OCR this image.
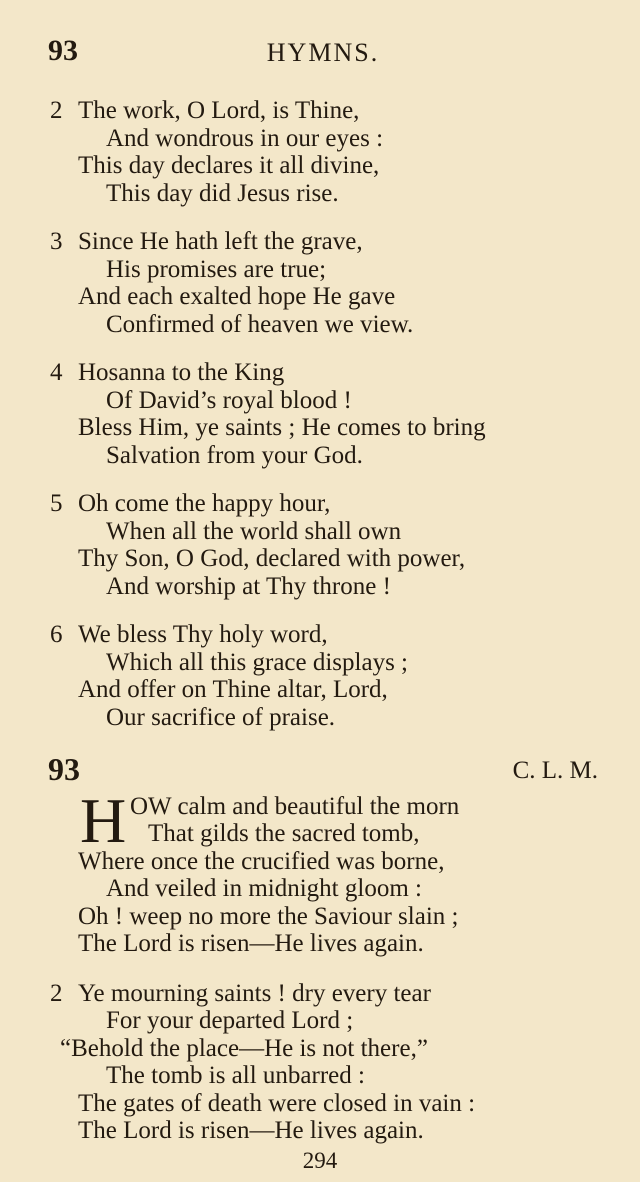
93	HYMNS.
2 The work, O Lord, is Thine,
And wondrous in our eyes :
This day declares it all divine,
This day did Jesus rise.
3 Since He hath left the grave,
His promises are true;
And each exalted hope He gave
Confirmed of heaven we view.
4 Hosanna to the King
Of David’s royal blood !
Bless Him, ye saints ; He comes to bring
Salvation from your God.
5 Oh come the happy hour,
When all the world shall own
Thy Son, O God, declared with power,
And worship at Thy throne !
6 We bless Thy holy word,
Which all this grace displays ;
And offer on Thine altar, Lord,
Our sacrifice of praise.
93	C. L. M.
H OW calm and beautiful the morn
That gilds the sacred tomb,
Where once the crucified was borne,
And veiled in midnight gloom :
Oh ! weep no more the Saviour slain ;
The Lord is risen—He lives again.
2 Ye mourning saints ! dry every tear
For your departed Lord ;
“Behold the place—He is not there,”
The tomb is all unbarred :
The gates of death were closed in vain :
The Lord is risen—He lives again.
294
